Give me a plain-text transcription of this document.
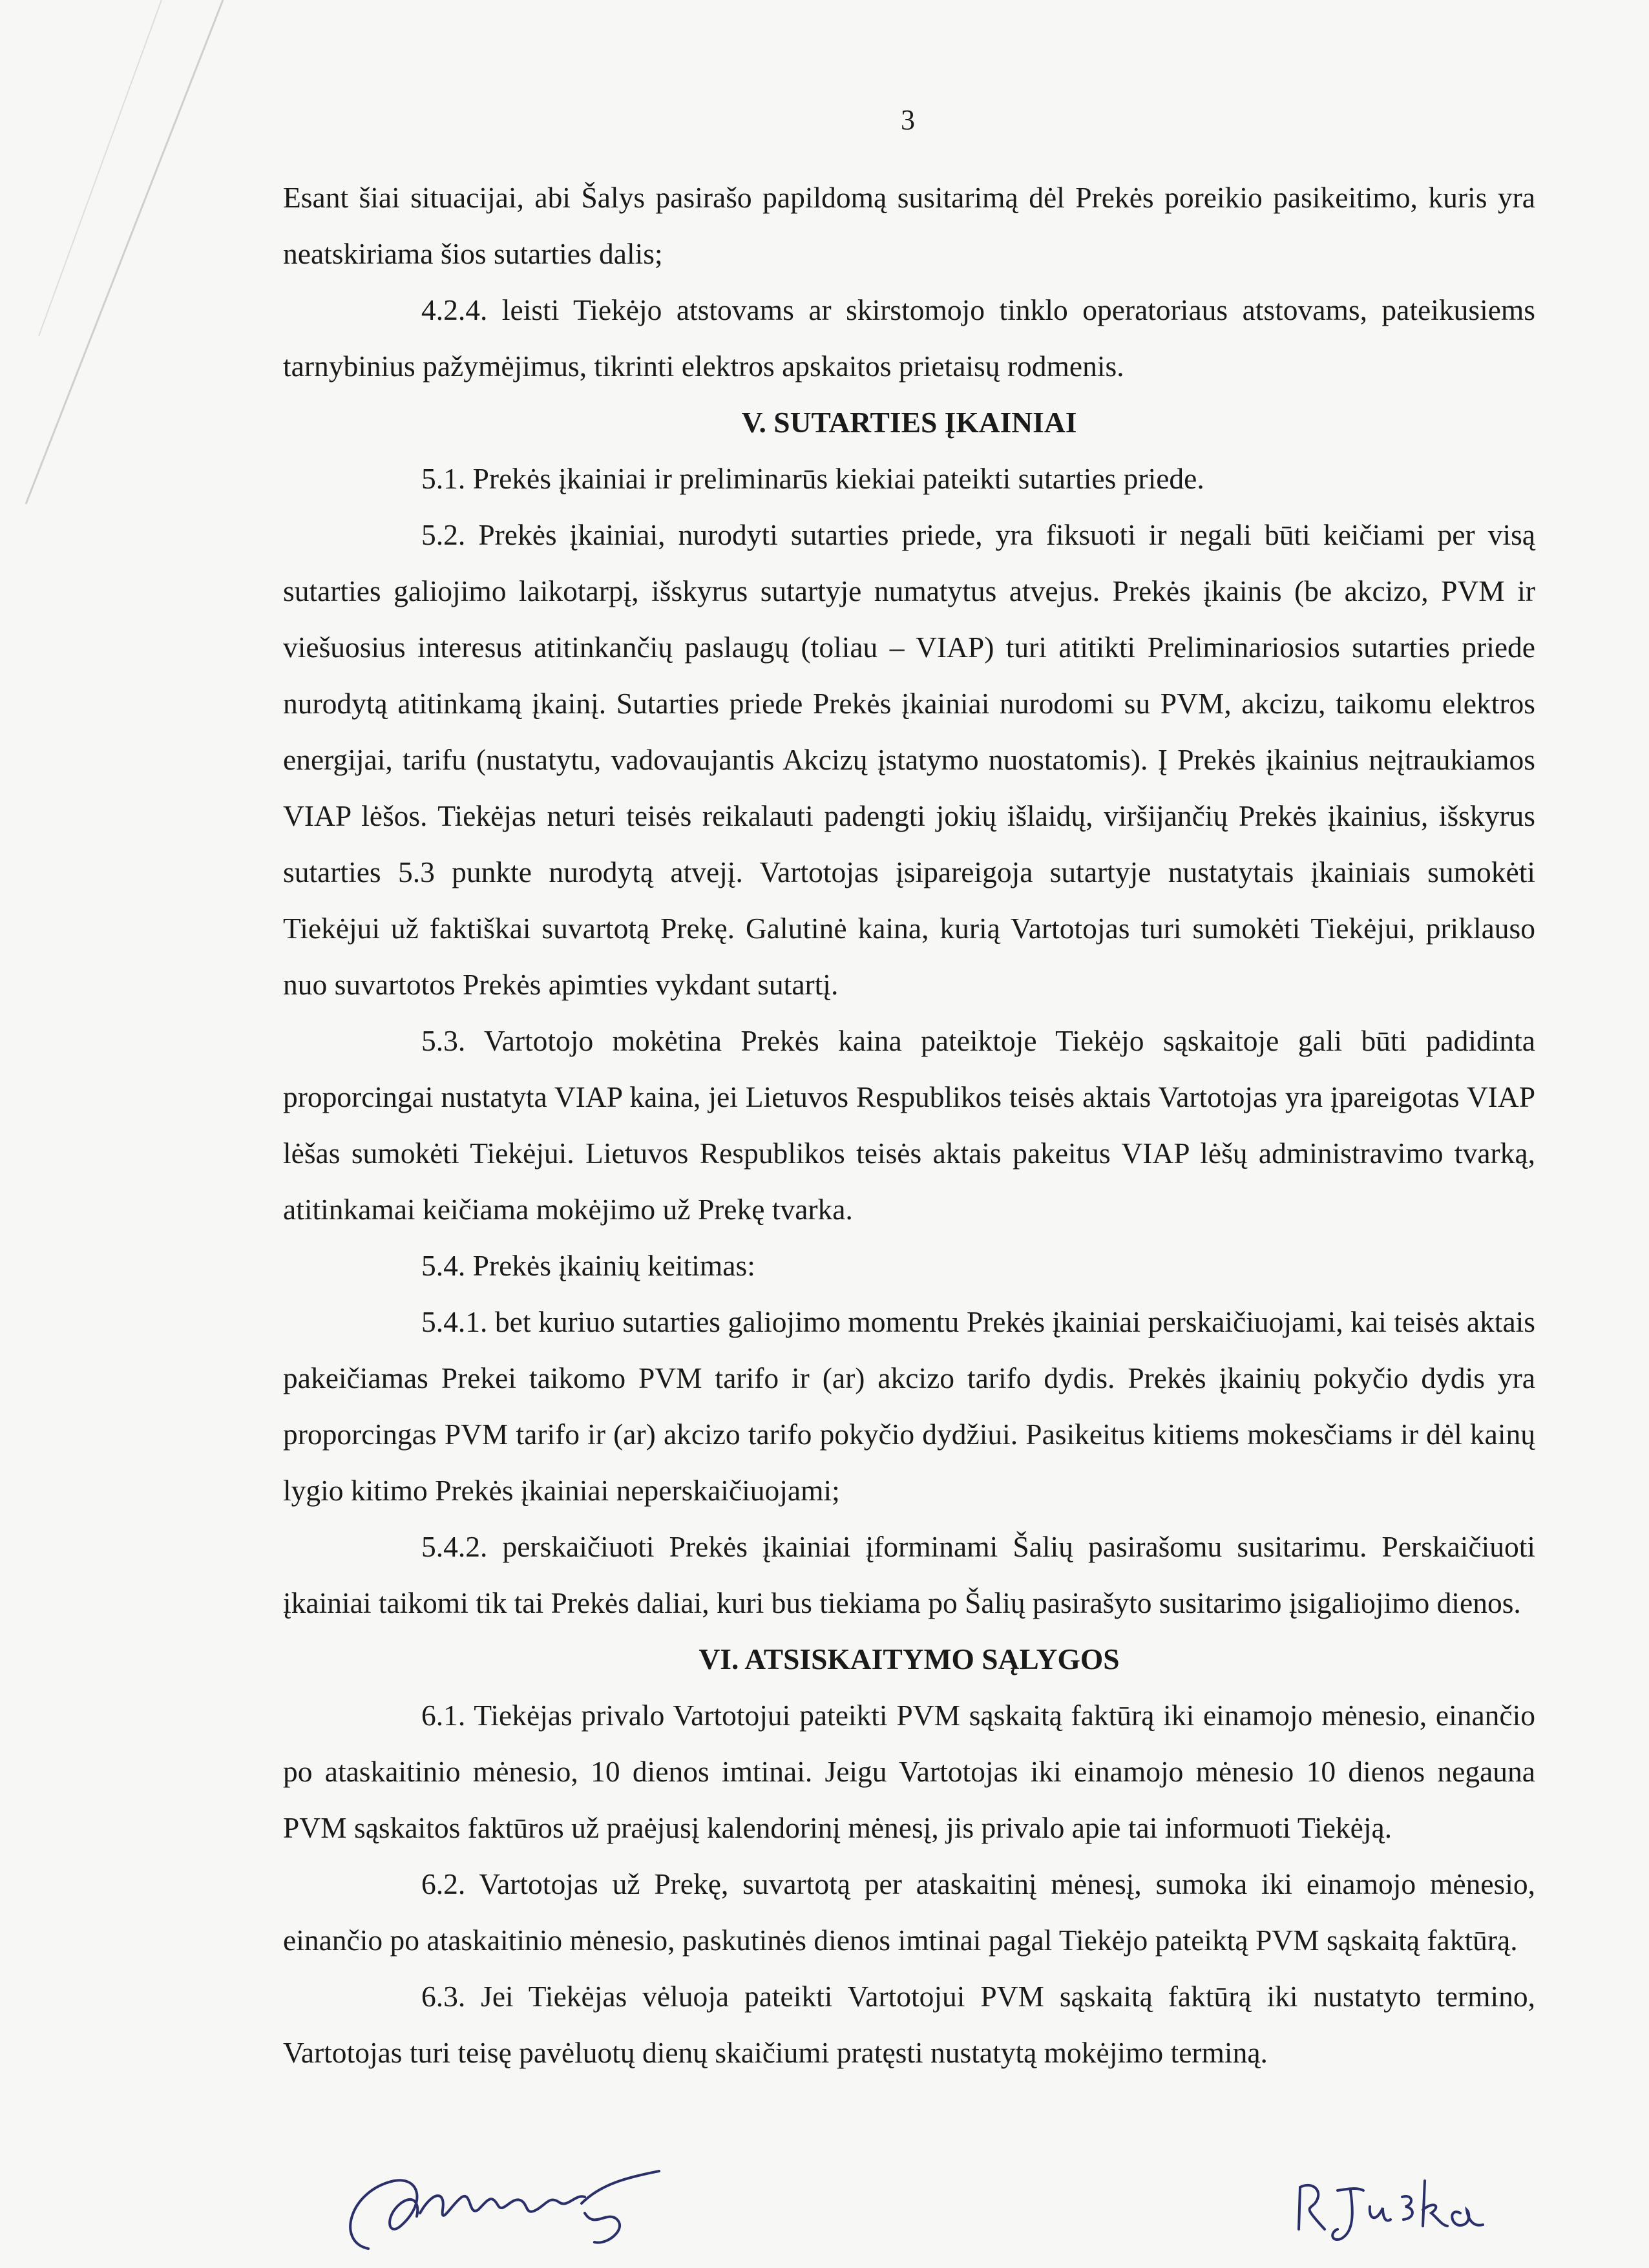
3

Esant šiai situacijai, abi Šalys pasirašo papildomą susitarimą dėl Prekės poreikio pasikeitimo, kuris yra neatskiriama šios sutarties dalis;

4.2.4. leisti Tiekėjo atstovams ar skirstomojo tinklo operatoriaus atstovams, pateikusiems tarnybinius pažymėjimus, tikrinti elektros apskaitos prietaisų rodmenis.

V. SUTARTIES ĮKAINIAI

5.1. Prekės įkainiai ir preliminarūs kiekiai pateikti sutarties priede.

5.2. Prekės įkainiai, nurodyti sutarties priede, yra fiksuoti ir negali būti keičiami per visą sutarties galiojimo laikotarpį, išskyrus sutartyje numatytus atvejus. Prekės įkainis (be akcizo, PVM ir viešuosius interesus atitinkančių paslaugų (toliau – VIAP) turi atitikti Preliminariosios sutarties priede nurodytą atitinkamą įkainį. Sutarties priede Prekės įkainiai nurodomi su PVM, akcizu, taikomu elektros energijai, tarifu (nustatytu, vadovaujantis Akcizų įstatymo nuostatomis). Į Prekės įkainius neįtraukiamos VIAP lėšos. Tiekėjas neturi teisės reikalauti padengti jokių išlaidų, viršijančių Prekės įkainius, išskyrus sutarties 5.3 punkte nurodytą atvejį. Vartotojas įsipareigoja sutartyje nustatytais įkainiais sumokėti Tiekėjui už faktiškai suvartotą Prekę. Galutinė kaina, kurią Vartotojas turi sumokėti Tiekėjui, priklauso nuo suvartotos Prekės apimties vykdant sutartį.

5.3. Vartotojo mokėtina Prekės kaina pateiktoje Tiekėjo sąskaitoje gali būti padidinta proporcingai nustatyta VIAP kaina, jei Lietuvos Respublikos teisės aktais Vartotojas yra įpareigotas VIAP lėšas sumokėti Tiekėjui. Lietuvos Respublikos teisės aktais pakeitus VIAP lėšų administravimo tvarką, atitinkamai keičiama mokėjimo už Prekę tvarka.

5.4. Prekės įkainių keitimas:

5.4.1. bet kuriuo sutarties galiojimo momentu Prekės įkainiai perskaičiuojami, kai teisės aktais pakeičiamas Prekei taikomo PVM tarifo ir (ar) akcizo tarifo dydis. Prekės įkainių pokyčio dydis yra proporcingas PVM tarifo ir (ar) akcizo tarifo pokyčio dydžiui. Pasikeitus kitiems mokesčiams ir dėl kainų lygio kitimo Prekės įkainiai neperskaičiuojami;

5.4.2. perskaičiuoti Prekės įkainiai įforminami Šalių pasirašomu susitarimu. Perskaičiuoti įkainiai taikomi tik tai Prekės daliai, kuri bus tiekiama po Šalių pasirašyto susitarimo įsigaliojimo dienos.

VI. ATSISKAITYMO SĄLYGOS

6.1. Tiekėjas privalo Vartotojui pateikti PVM sąskaitą faktūrą iki einamojo mėnesio, einančio po ataskaitinio mėnesio, 10 dienos imtinai. Jeigu Vartotojas iki einamojo mėnesio 10 dienos negauna PVM sąskaitos faktūros už praėjusį kalendorinį mėnesį, jis privalo apie tai informuoti Tiekėją.

6.2. Vartotojas už Prekę, suvartotą per ataskaitinį mėnesį, sumoka iki einamojo mėnesio, einančio po ataskaitinio mėnesio, paskutinės dienos imtinai pagal Tiekėjo pateiktą PVM sąskaitą faktūrą.

6.3. Jei Tiekėjas vėluoja pateikti Vartotojui PVM sąskaitą faktūrą iki nustatyto termino, Vartotojas turi teisę pavėluotų dienų skaičiumi pratęsti nustatytą mokėjimo terminą.
